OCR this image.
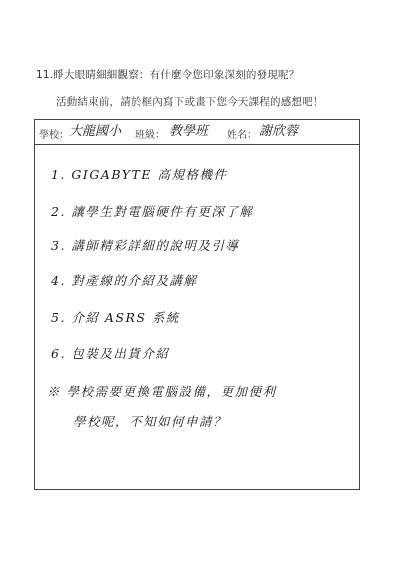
11.睜大眼睛細細觀察：有什麼令您印象深刻的發現呢？
活動結束前，請於框內寫下或畫下您今天課程的感想吧！
學校： 大龍國小 班級： 教學班 姓名： 謝欣蓉
1. GIGABYTE 高規格機件
2. 讓學生對電腦硬件有更深了解
3. 講師精彩詳細的說明及引導
4. 對產線的介紹及講解
5. 介紹 ASRS 系統
6. 包裝及出貨介紹
※ 學校需要更換電腦設備，更加便利
學校呢，不知如何申請？
